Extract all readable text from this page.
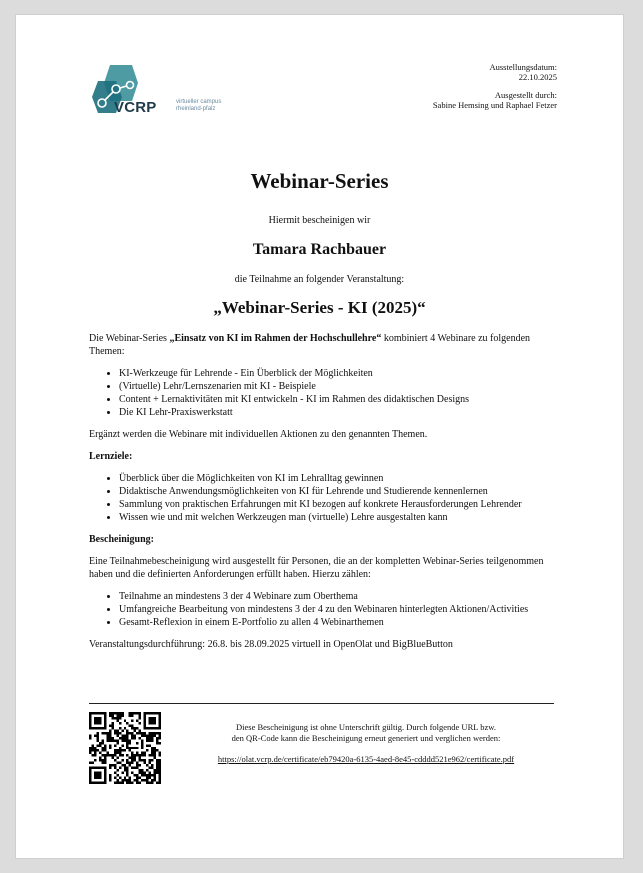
VCRP	virtueller campus
rheinland-pfalz
Ausstellungsdatum:
22.10.2025
Ausgestellt durch:
Sabine Hemsing und Raphael Fetzer
Webinar-Series
Hiermit bescheinigen wir
Tamara Rachbauer
die Teilnahme an folgender Veranstaltung:
„Webinar-Series - KI (2025)“

Die Webinar-Series „Einsatz von KI im Rahmen der Hochschullehre“ kombiniert 4 Webinare zu folgenden Themen:

• KI-Werkzeuge für Lehrende - Ein Überblick der Möglichkeiten
• (Virtuelle) Lehr/Lernszenarien mit KI - Beispiele
• Content + Lernaktivitäten mit KI entwickeln - KI im Rahmen des didaktischen Designs
• Die KI Lehr-Praxiswerkstatt

Ergänzt werden die Webinare mit individuellen Aktionen zu den genannten Themen.

Lernziele:
• Überblick über die Möglichkeiten von KI im Lehralltag gewinnen
• Didaktische Anwendungsmöglichkeiten von KI für Lehrende und Studierende kennenlernen
• Sammlung von praktischen Erfahrungen mit KI bezogen auf konkrete Herausforderungen Lehrender
• Wissen wie und mit welchen Werkzeugen man (virtuelle) Lehre ausgestalten kann
Bescheinigung:

Eine Teilnahmebescheinigung wird ausgestellt für Personen, die an der kompletten Webinar-Series teilgenommen haben und die definierten Anforderungen erfüllt haben. Hierzu zählen:

• Teilnahme an mindestens 3 der 4 Webinare zum Oberthema
• Umfangreiche Bearbeitung von mindestens 3 der 4 zu den Webinaren hinterlegten Aktionen/Activities
• Gesamt-Reflexion in einem E-Portfolio zu allen 4 Webinarthemen

Veranstaltungsdurchführung: 26.8. bis 28.09.2025 virtuell in OpenOlat und BigBlueButton

Diese Bescheinigung ist ohne Unterschrift gültig. Durch folgende URL bzw.
den QR-Code kann die Bescheinigung erneut generiert und verglichen werden:
https://olat.vcrp.de/certificate/eb79420a-6135-4aed-8e45-cdddd521e962/certificate.pdf
